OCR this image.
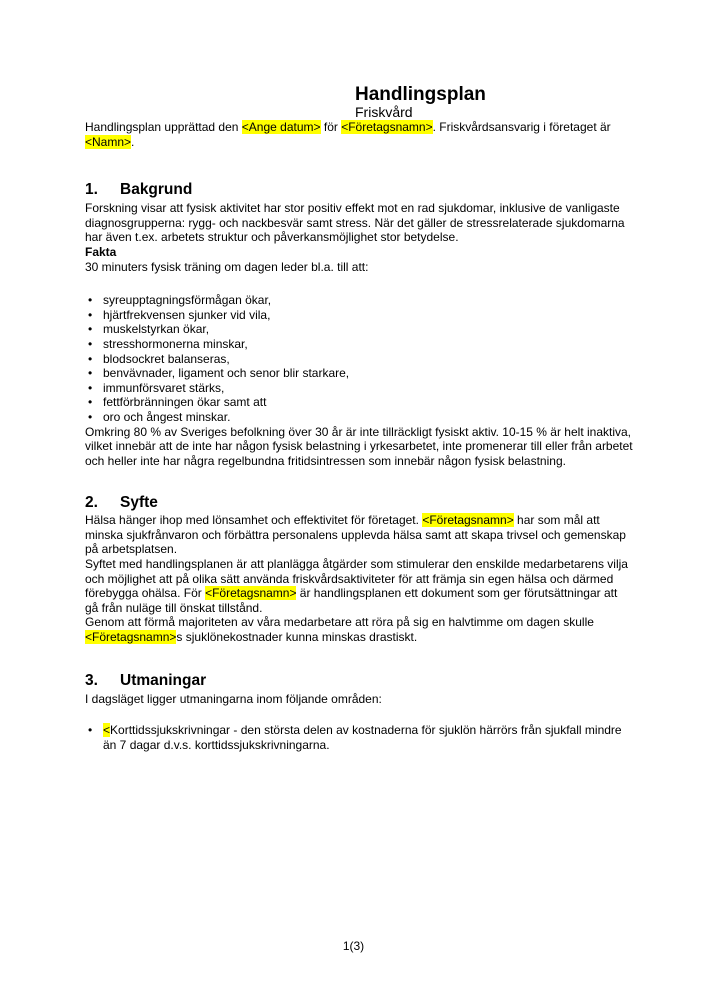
Handlingsplan
Friskvård

Handlingsplan upprättad den <Ange datum> för <Företagsnamn>. Friskvårdsansvarig i företaget är <Namn>.

1. Bakgrund

Forskning visar att fysisk aktivitet har stor positiv effekt mot en rad sjukdomar, inklusive de vanligaste diagnosgrupperna: rygg- och nackbesvär samt stress. När det gäller de stressrelaterade sjukdomarna har även t.ex. arbetets struktur och påverkansmöjlighet stor betydelse.

Fakta

30 minuters fysisk träning om dagen leder bl.a. till att:

• syreupptagningsförmågan ökar,
• hjärtfrekvensen sjunker vid vila,
• muskelstyrkan ökar,
• stresshormonerna minskar,
• blodsockret balanseras,
• benvävnader, ligament och senor blir starkare,
• immunförsvaret stärks,
• fettförbränningen ökar samt att
• oro och ångest minskar.

Omkring 80 % av Sveriges befolkning över 30 år är inte tillräckligt fysiskt aktiv. 10-15 % är helt inaktiva, vilket innebär att de inte har någon fysisk belastning i yrkesarbetet, inte promenerar till eller från arbetet och heller inte har några regelbundna fritidsintressen som innebär någon fysisk belastning.

2. Syfte

Hälsa hänger ihop med lönsamhet och effektivitet för företaget. <Företagsnamn> har som mål att minska sjukfrånvaron och förbättra personalens upplevda hälsa samt att skapa trivsel och gemenskap på arbetsplatsen.

Syftet med handlingsplanen är att planlägga åtgärder som stimulerar den enskilde medarbetarens vilja och möjlighet att på olika sätt använda friskvårdsaktiviteter för att främja sin egen hälsa och därmed förebygga ohälsa. För <Företagsnamn> är handlingsplanen ett dokument som ger förutsättningar att gå från nuläge till önskat tillstånd.

Genom att förmå majoriteten av våra medarbetare att röra på sig en halvtimme om dagen skulle <Företagsnamn>s sjuklönekostnader kunna minskas drastiskt.

3. Utmaningar

I dagsläget ligger utmaningarna inom följande områden:

• <Korttidssjukskrivningar - den största delen av kostnaderna för sjuklön härrörs från sjukfall mindre än 7 dagar d.v.s. korttidssjukskrivningarna.
1(3)
